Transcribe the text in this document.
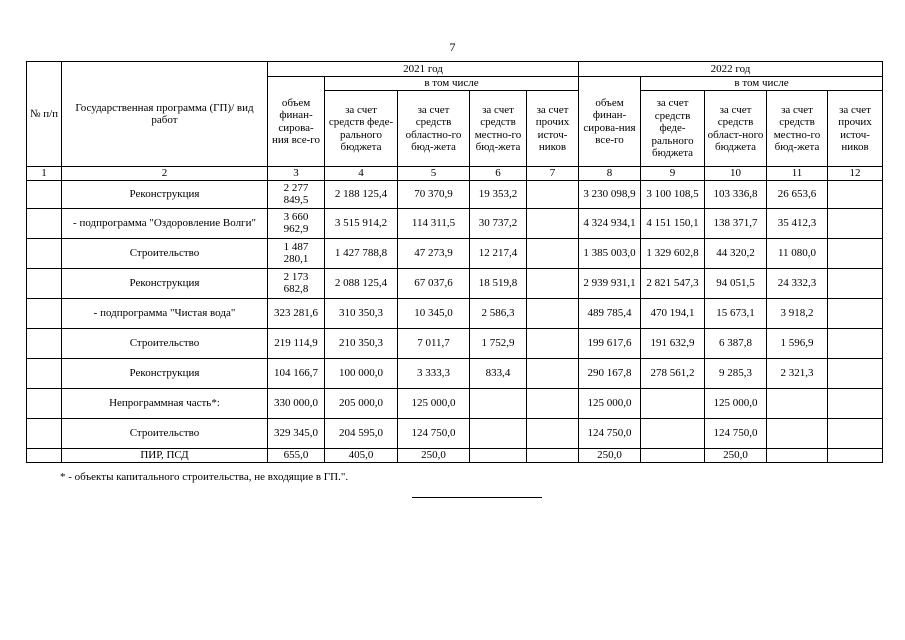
7
№ п/п	Государственная программа (ГП)/ вид работ	2021 год					2022 год				
		объем финан-сирова-ния все-го	в том числе				объем финан-сирова-ния все-го	в том числе			
			за счет средств феде-рального бюджета	за счет средств областно-го бюд-жета	за счет средств местно-го бюд-жета	за счет прочих источ-ников		за счет средств феде-рального бюджета	за счет средств област-ного бюджета	за счет средств местно-го бюд-жета	за счет прочих источ-ников
1	2	3	4	5	6	7	8	9	10	11	12
	Реконструкция	2 277 849,5	2 188 125,4	70 370,9	19 353,2		3 230 098,9	3 100 108,5	103 336,8	26 653,6	
	- подпрограмма "Оздоровление Волги"	3 660 962,9	3 515 914,2	114 311,5	30 737,2		4 324 934,1	4 151 150,1	138 371,7	35 412,3	
	Строительство	1 487 280,1	1 427 788,8	47 273,9	12 217,4		1 385 003,0	1 329 602,8	44 320,2	11 080,0	
	Реконструкция	2 173 682,8	2 088 125,4	67 037,6	18 519,8		2 939 931,1	2 821 547,3	94 051,5	24 332,3	
	- подпрограмма "Чистая вода"	323 281,6	310 350,3	10 345,0	2 586,3		489 785,4	470 194,1	15 673,1	3 918,2	
	Строительство	219 114,9	210 350,3	7 011,7	1 752,9		199 617,6	191 632,9	6 387,8	1 596,9	
	Реконструкция	104 166,7	100 000,0	3 333,3	833,4		290 167,8	278 561,2	9 285,3	2 321,3	
	Непрограммная часть*:	330 000,0	205 000,0	125 000,0			125 000,0		125 000,0		
	Строительство	329 345,0	204 595,0	124 750,0			124 750,0		124 750,0		
	ПИР, ПСД	655,0	405,0	250,0			250,0		250,0		
* - объекты капитального строительства, не входящие в ГП.".
